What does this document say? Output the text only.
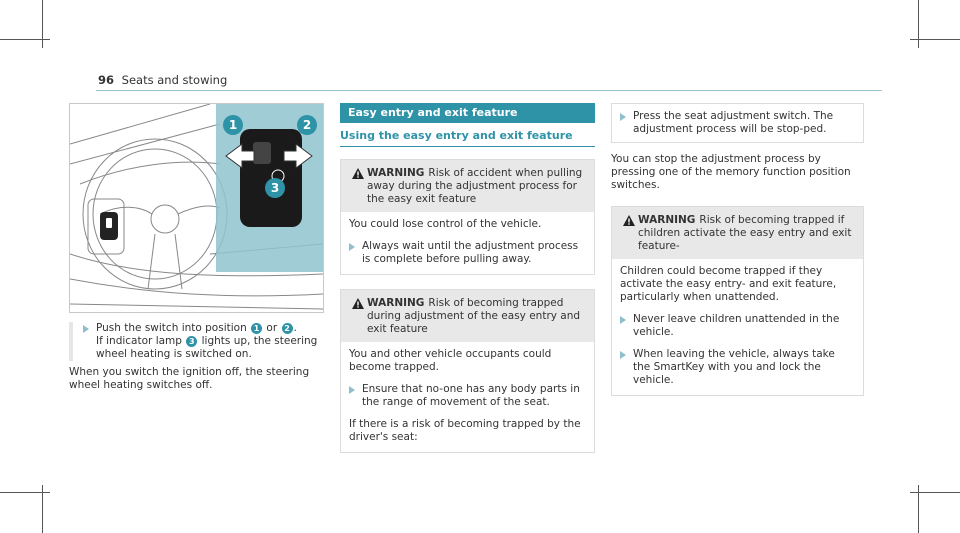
96 Seats and stowing
1	2
3
Push the switch into position 1 or 2 .
If indicator lamp 3 lights up, the steering wheel heating is switched on.
When you switch the ignition off, the steering wheel heating switches off.
Easy entry and exit feature
Using the easy entry and exit feature
WARNING Risk of accident when pulling away during the adjustment process for the easy exit feature
You could lose control of the vehicle.
Always wait until the adjustment process is complete before pulling away.
WARNING Risk of becoming trapped during adjustment of the easy entry and exit feature
You and other vehicle occupants could become trapped.
Ensure that no-one has any body parts in the range of movement of the seat.
If there is a risk of becoming trapped by the driver's seat:
Press the seat adjustment switch. The adjustment process will be stop-ped.
You can stop the adjustment process by pressing one of the memory function position switches.
WARNING Risk of becoming trapped if children activate the easy entry and exit feature-
Children could become trapped if they activate the easy entry- and exit feature, particularly when unattended.
Never leave children unattended in the vehicle.
When leaving the vehicle, always take the SmartKey with you and lock the vehicle.
